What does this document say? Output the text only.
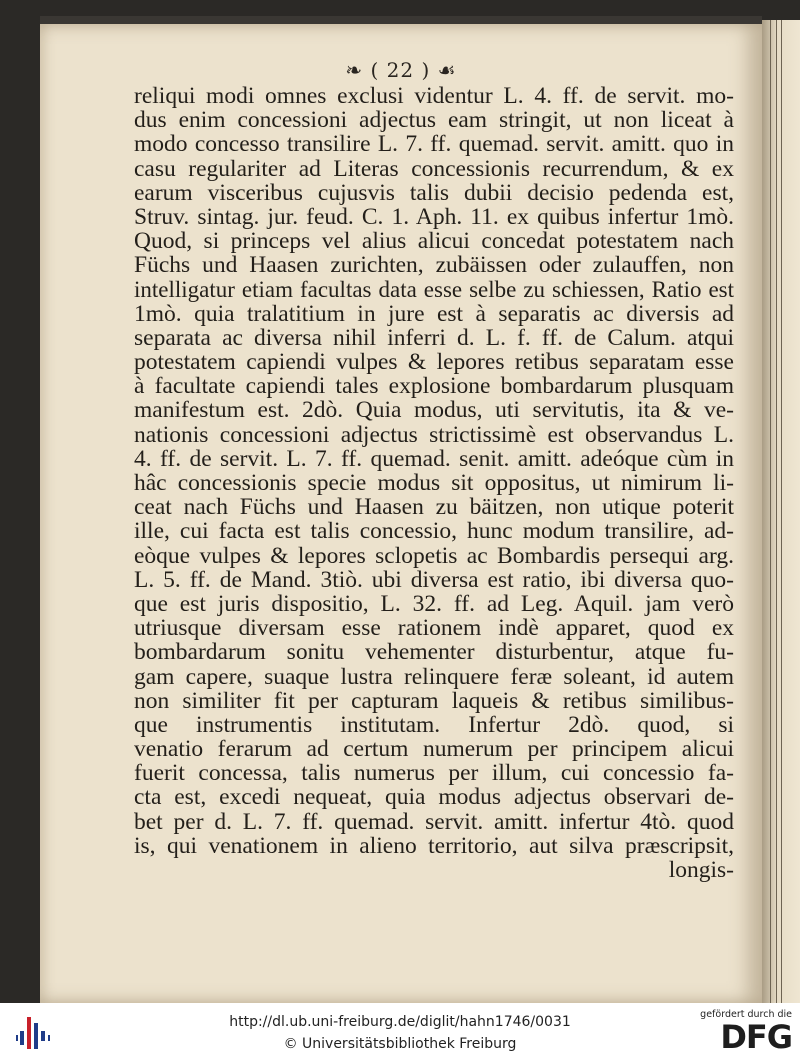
❧ ( 22 ) ☙
reliqui modi omnes exclusi videntur L. 4. ff. de servit. mo-
dus enim concessioni adjectus eam stringit, ut non liceat à
modo concesso transilire L. 7. ff. quemad. servit. amitt. quo in
casu regulariter ad Literas concessionis recurrendum, & ex
earum visceribus cujusvis talis dubii decisio pedenda est,
Struv. sintag. jur. feud. C. 1. Aph. 11. ex quibus infertur 1mò.
Quod, si princeps vel alius alicui concedat potestatem nach
Füchs und Haasen zurichten, zubäissen oder zulauffen, non
intelligatur etiam facultas data esse selbe zu schiessen, Ratio est
1mò. quia tralatitium in jure est à separatis ac diversis ad
separata ac diversa nihil inferri d. L. f. ff. de Calum. atqui
potestatem capiendi vulpes & lepores retibus separatam esse
à facultate capiendi tales explosione bombardarum plusquam
manifestum est. 2dò. Quia modus, uti servitutis, ita & ve-
nationis concessioni adjectus strictissimè est observandus L.
4. ff. de servit. L. 7. ff. quemad. senit. amitt. adeóque cùm in
hâc concessionis specie modus sit oppositus, ut nimirum li-
ceat nach Füchs und Haasen zu bäitzen, non utique poterit
ille, cui facta est talis concessio, hunc modum transilire, ad-
eòque vulpes & lepores sclopetis ac Bombardis persequi arg.
L. 5. ff. de Mand. 3tiò. ubi diversa est ratio, ibi diversa quo-
que est juris dispositio, L. 32. ff. ad Leg. Aquil. jam verò
utriusque diversam esse rationem indè apparet, quod ex
bombardarum sonitu vehementer disturbentur, atque fu-
gam capere, suaque lustra relinquere feræ soleant, id autem
non similiter fit per capturam laqueis & retibus similibus-
que instrumentis institutam. Infertur 2dò. quod, si
venatio ferarum ad certum numerum per principem alicui
fuerit concessa, talis numerus per illum, cui concessio fa-
cta est, excedi nequeat, quia modus adjectus observari de-
bet per d. L. 7. ff. quemad. servit. amitt. infertur 4tò. quod
is, qui venationem in alieno territorio, aut silva præscripsit,
longis-
http://dl.ub.uni-freiburg.de/diglit/hahn1746/0031
© Universitätsbibliothek Freiburg
gefördert durch die
DFG
